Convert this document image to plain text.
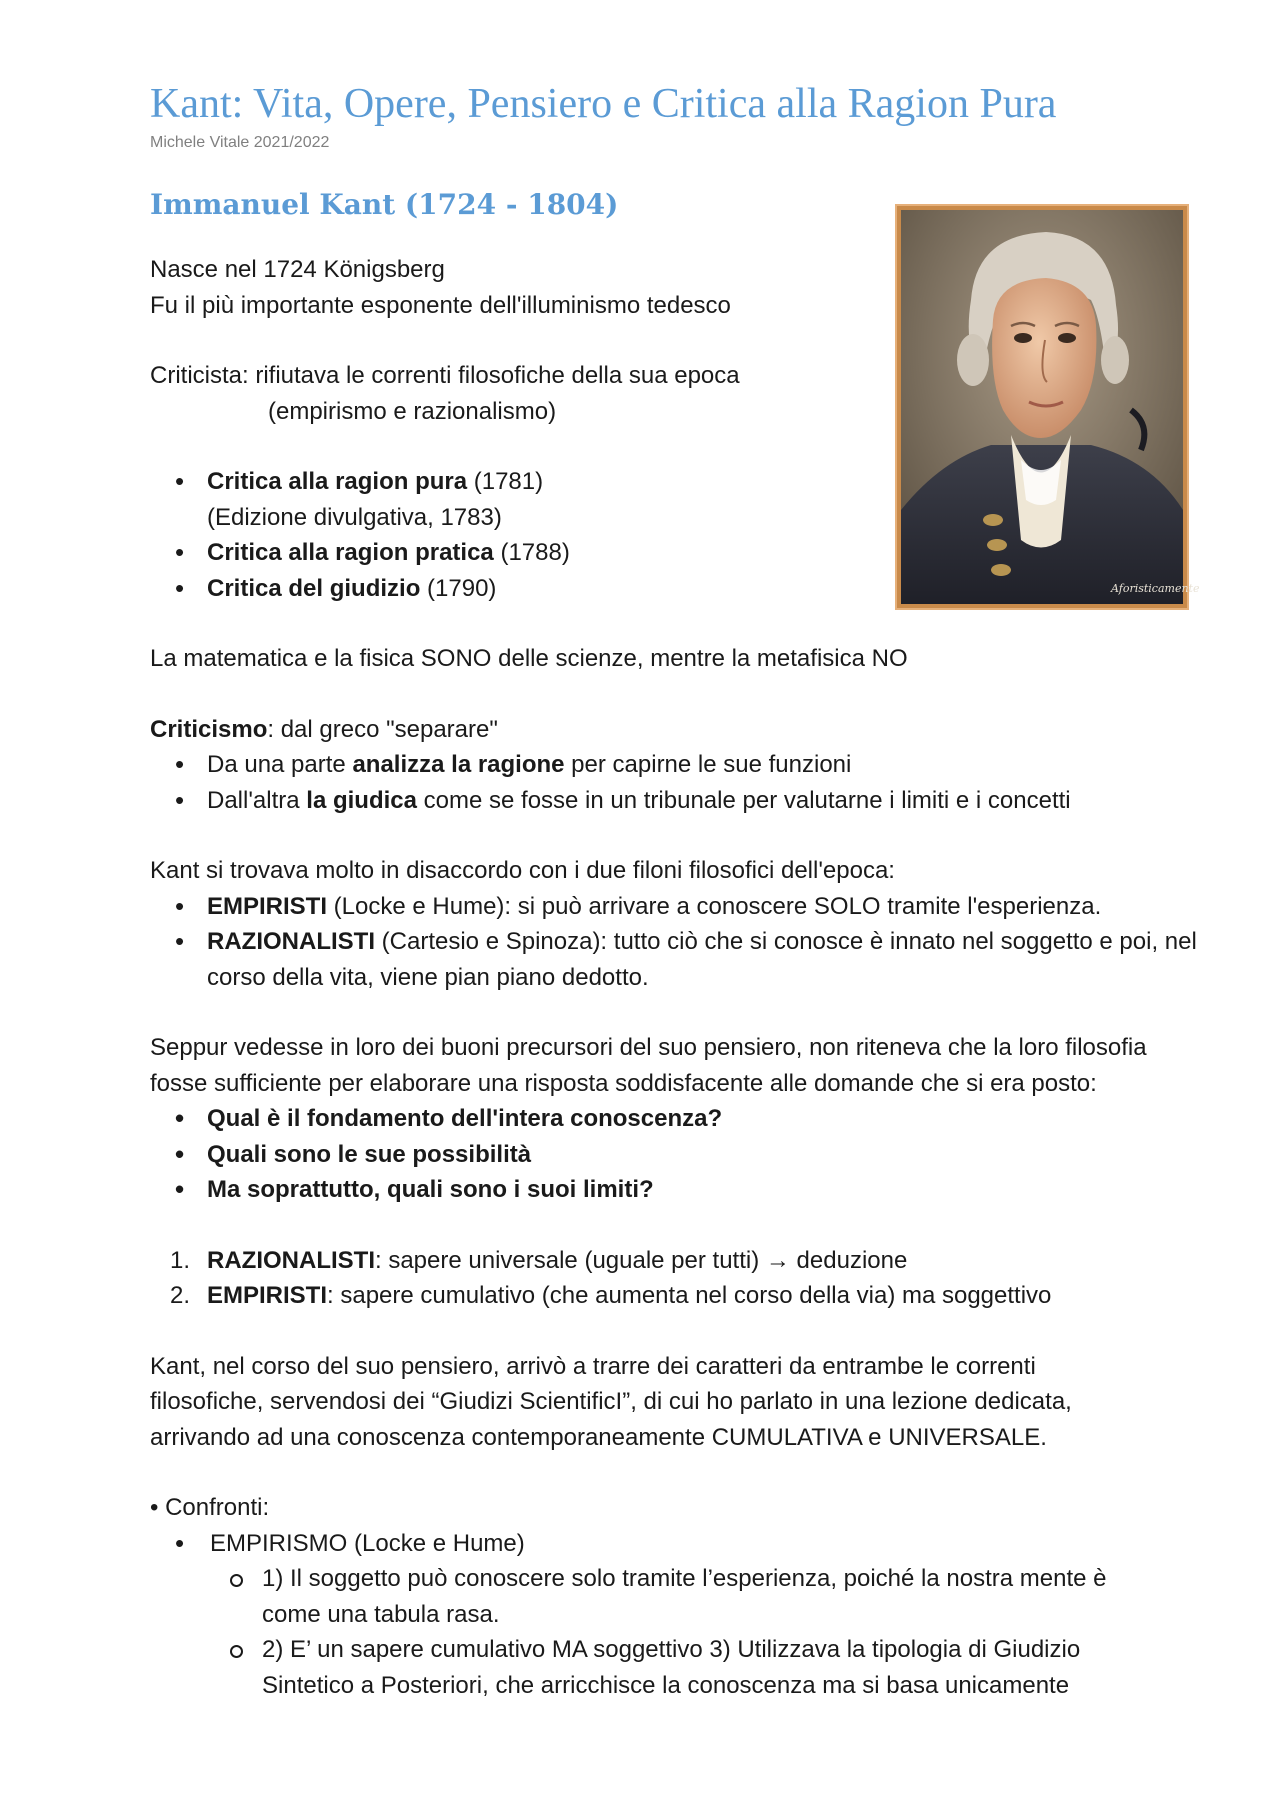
Kant: Vita, Opere, Pensiero e Critica alla Ragion Pura
Michele Vitale 2021/2022
Immanuel Kant (1724 - 1804)

Nasce nel 1724 Königsberg

Fu il più importante esponente dell'illuminismo tedesco

Criticista: rifiutava le correnti filosofiche della sua epoca

(empirismo e razionalismo)

• Critica alla ragion pura (1781)
(Edizione divulgativa, 1783)
• Critica alla ragion pratica (1788)
• Critica del giudizio (1790)

La matematica e la fisica SONO delle scienze, mentre la metafisica NO

Criticismo: dal greco "separare"

• Da una parte analizza la ragione per capirne le sue funzioni
• Dall'altra la giudica come se fosse in un tribunale per valutarne i limiti e i concetti

Kant si trovava molto in disaccordo con i due filoni filosofici dell'epoca:

• EMPIRISTI (Locke e Hume): si può arrivare a conoscere SOLO tramite l'esperienza.
• RAZIONALISTI (Cartesio e Spinoza): tutto ciò che si conosce è innato nel soggetto e poi, nel corso della vita, viene pian piano dedotto.

Seppur vedesse in loro dei buoni precursori del suo pensiero, non riteneva che la loro filosofia

fosse sufficiente per elaborare una risposta soddisfacente alle domande che si era posto:

• Qual è il fondamento dell'intera conoscenza?
• Quali sono le sue possibilità
• Ma soprattutto, quali sono i suoi limiti?
1. RAZIONALISTI: sapere universale (uguale per tutti) → deduzione
2. EMPIRISTI: sapere cumulativo (che aumenta nel corso della via) ma soggettivo

Kant, nel corso del suo pensiero, arrivò a trarre dei caratteri da entrambe le correnti

filosofiche, servendosi dei “Giudizi ScientificI”, di cui ho parlato in una lezione dedicata,

arrivando ad una conoscenza contemporaneamente CUMULATIVA e UNIVERSALE.

• Confronti:

• EMPIRISMO (Locke e Hume)
1) Il soggetto può conoscere solo tramite l’esperienza, poiché la nostra mente è come una tabula rasa.
2) E’ un sapere cumulativo MA soggettivo 3) Utilizzava la tipologia di Giudizio Sintetico a Posteriori, che arricchisce la conoscenza ma si basa unicamente
Aforisticamente
